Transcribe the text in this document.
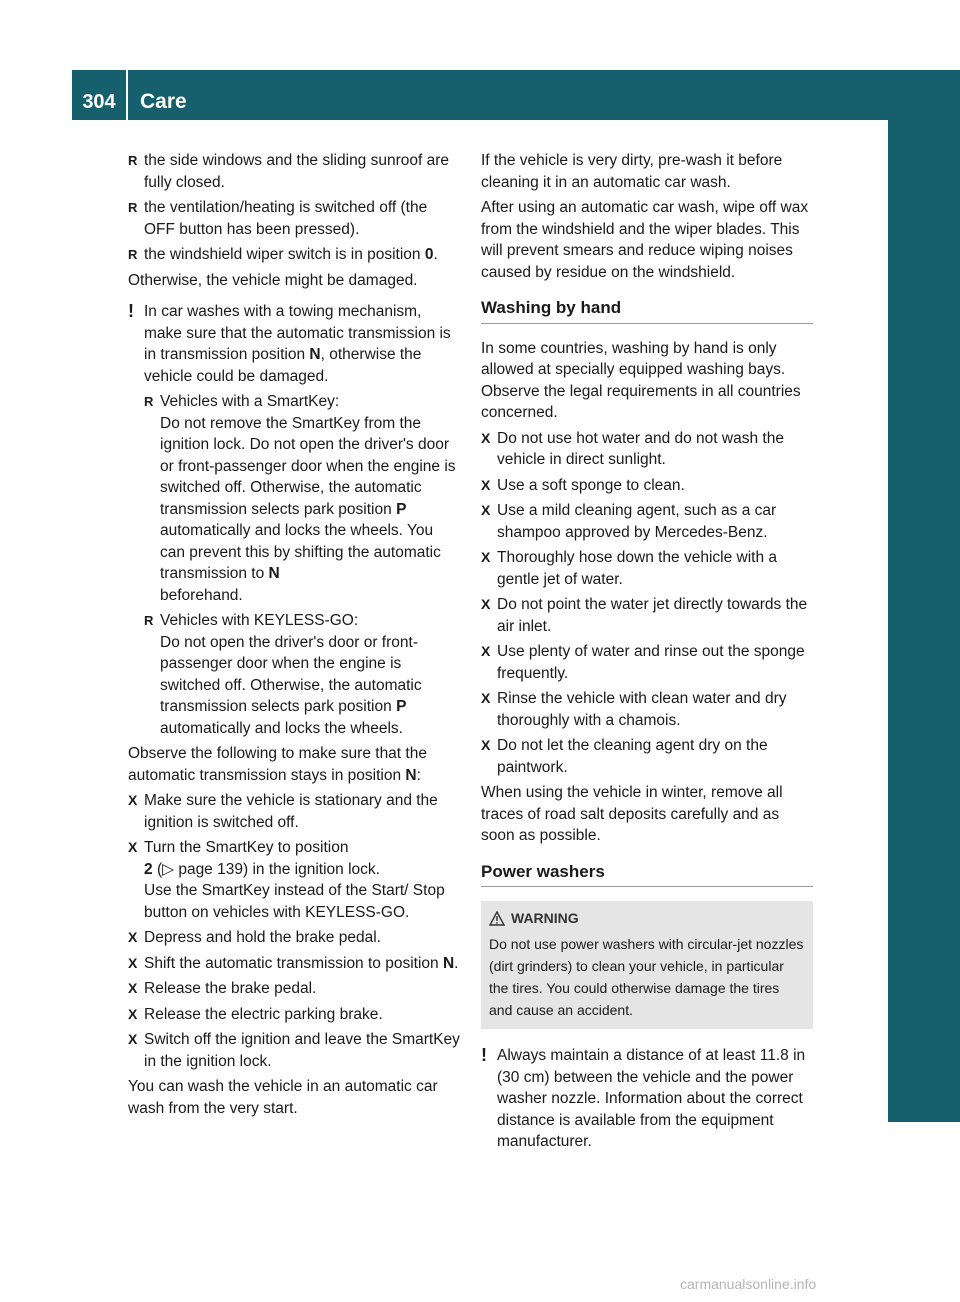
304	Care
Maintenance and care
R the side windows and the sliding sunroof are fully closed.
R the ventilation/heating is switched off (the OFF button has been pressed).
R the windshield wiper switch is in position 0.

Otherwise, the vehicle might be damaged.

! In car washes with a towing mechanism, make sure that the automatic transmission is in transmission position N, otherwise the vehicle could be damaged.
R Vehicles with a SmartKey:
Do not remove the SmartKey from the ignition lock. Do not open the driver's door or front-passenger door when the engine is switched off. Otherwise, the automatic transmission selects park position P automatically and locks the wheels. You can prevent this by shifting the automatic transmission to N
beforehand.
R Vehicles with KEYLESS-GO:
Do not open the driver's door or front-passenger door when the engine is switched off. Otherwise, the automatic transmission selects park position P
automatically and locks the wheels.

Observe the following to make sure that the automatic transmission stays in position N:

X Make sure the vehicle is stationary and the ignition is switched off.
X Turn the SmartKey to position
2 (▷ page 139) in the ignition lock.
Use the SmartKey instead of the Start/ Stop button on vehicles with KEYLESS-GO.
X Depress and hold the brake pedal.
X Shift the automatic transmission to position N.
X Release the brake pedal.
X Release the electric parking brake.
X Switch off the ignition and leave the SmartKey in the ignition lock.

You can wash the vehicle in an automatic car wash from the very start.

If the vehicle is very dirty, pre-wash it before cleaning it in an automatic car wash.

After using an automatic car wash, wipe off wax from the windshield and the wiper blades. This will prevent smears and reduce wiping noises caused by residue on the windshield.

Washing by hand

In some countries, washing by hand is only allowed at specially equipped washing bays. Observe the legal requirements in all countries concerned.

X Do not use hot water and do not wash the vehicle in direct sunlight.
X Use a soft sponge to clean.
X Use a mild cleaning agent, such as a car shampoo approved by Mercedes-Benz.
X Thoroughly hose down the vehicle with a gentle jet of water.
X Do not point the water jet directly towards the air inlet.
X Use plenty of water and rinse out the sponge frequently.
X Rinse the vehicle with clean water and dry thoroughly with a chamois.
X Do not let the cleaning agent dry on the paintwork.

When using the vehicle in winter, remove all traces of road salt deposits carefully and as soon as possible.

Power washers
WARNING
Do not use power washers with circular-jet nozzles (dirt grinders) to clean your vehicle, in particular the tires. You could otherwise damage the tires and cause an accident.
! Always maintain a distance of at least 11.8 in (30 cm) between the vehicle and the power washer nozzle. Information about the correct distance is available from the equipment manufacturer.
carmanualsonline.info
